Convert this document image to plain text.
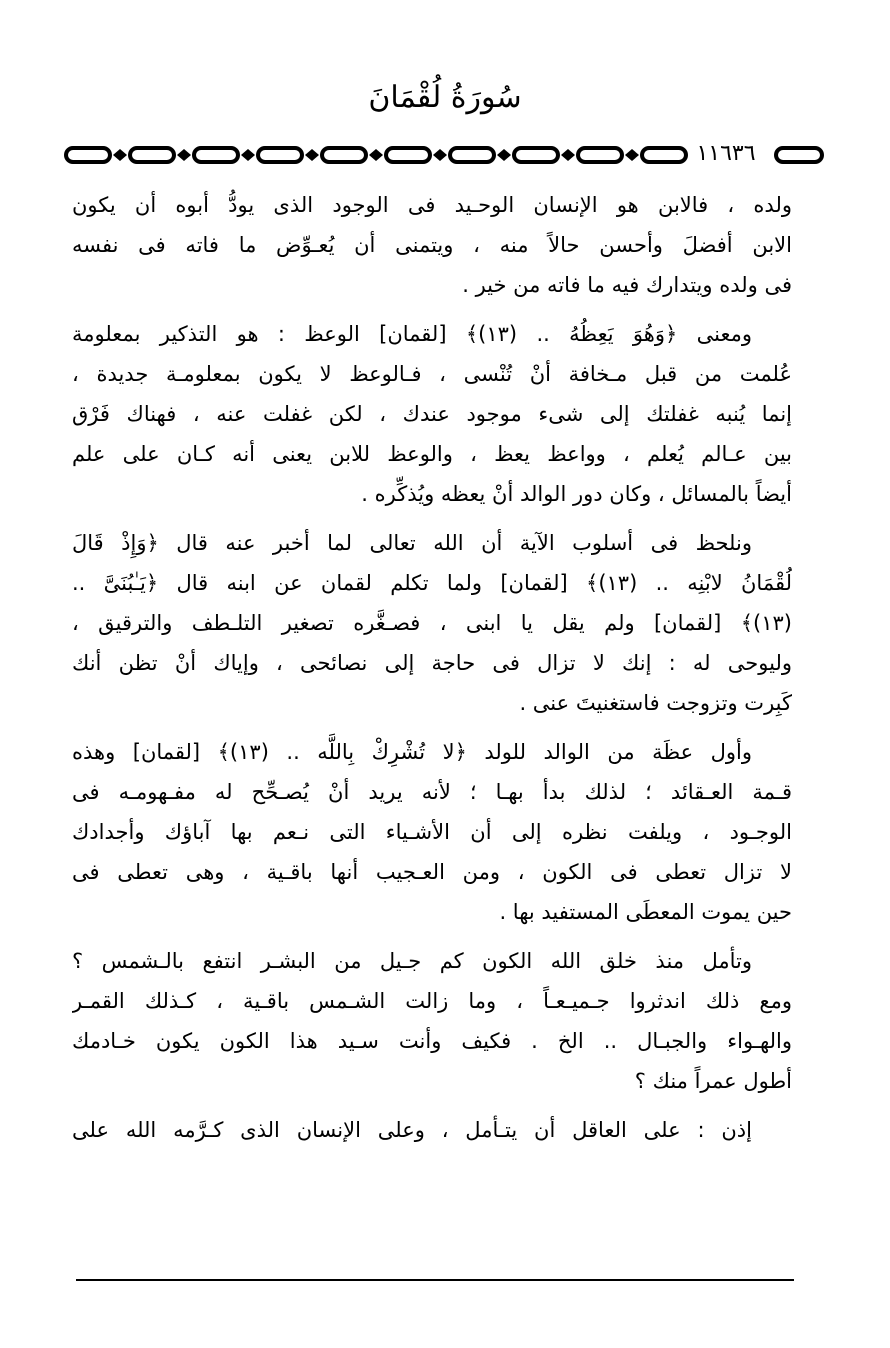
سُورَةُ لُقْمَانَ
١١٦٣٦
ولده ، فالابن هو الإنسان الوحـيد فى الوجود الذى يودُّ أبوه أن يكون
الابن أفضلَ وأحسن حالاً منه ، ويتمنى أن يُعـوِّض ما فاته فى نفسه
فى ولده ويتدارك فيه ما فاته من خير .
ومعنى ﴿وَهُوَ يَعِظُهُ .. (١٣)﴾ [لقمان] الوعظ : هو التذكير بمعلومة
عُلمت من قبل مـخافة أنْ تُنْسى ، فـالوعظ لا يكون بمعلومـة جديدة ،
إنما يُنبه غفلتك إلى شىء موجود عندك ، لكن غفلت عنه ، فهناك فَرْق
بين عـالم يُعلم ، وواعظ يعظ ، والوعظ للابن يعنى أنه كـان على علم
أيضاً بالمسائل ، وكان دور الوالد أنْ يعظه ويُذكِّره .
ونلحظ فى أسلوب الآية أن الله تعالى لما أخبر عنه قال ﴿وَإِذْ قَالَ
لُقْمَانُ لابْنِه .. (١٣)﴾ [لقمان] ولما تكلم لقمان عن ابنه قال ﴿يَـٰبُنَىَّ ..
(١٣)﴾ [لقمان] ولم يقل يا ابنى ، فصـغَّره تصغير التلـطف والترقيق ،
وليوحى له : إنك لا تزال فى حاجة إلى نصائحى ، وإياك أنْ تظن أنك
كَبِرت وتزوجت فاستغنيتَ عنى .
وأول عظَة من الوالد للولد ﴿لا تُشْرِكْ بِاللَّه .. (١٣)﴾ [لقمان] وهذه
قـمة العـقائد ؛ لذلك بدأ بهـا ؛ لأنه يريد أنْ يُصـحِّح له مفـهومـه فى
الوجـود ، ويلفت نظره إلى أن الأشـياء التى نـعم بها آباؤك وأجدادك
لا تزال تعطى فى الكون ، ومن العـجيب أنها باقـية ، وهى تعطى فى
حين يموت المعطَى المستفيد بها .
وتأمل منذ خلق الله الكون كم جـيل من البشـر انتفع بالـشمس ؟
ومع ذلك اندثروا جـميـعـاً ، وما زالت الشـمس باقـية ، كـذلك القمـر
والهـواء والجبـال .. الخ . فكيف وأنت سـيد هذا الكون يكون خـادمك
أطول عمراً منك ؟
إذن : على العاقل أن يتـأمل ، وعلى الإنسان الذى كـرَّمه الله على
